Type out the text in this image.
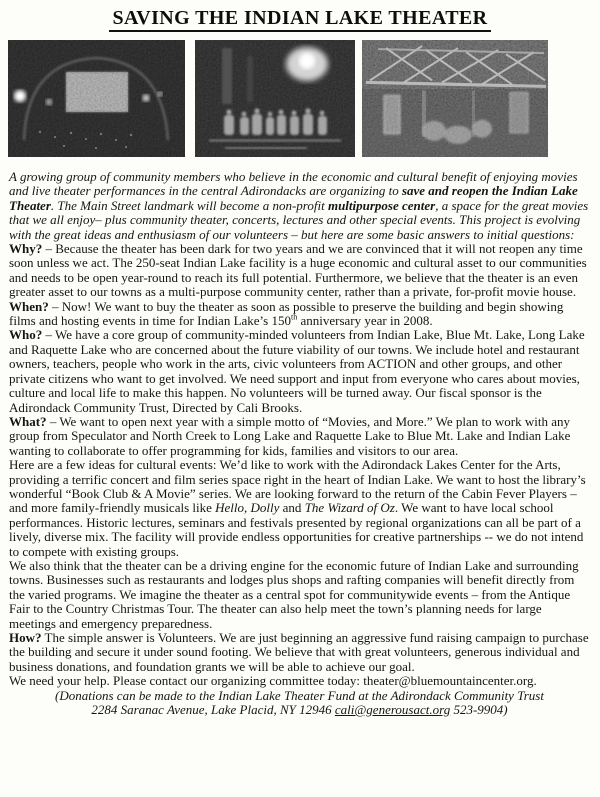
SAVING THE INDIAN LAKE THEATER

A growing group of community members who believe in the economic and cultural benefit of enjoying movies and live theater performances in the central Adirondacks are organizing to save and reopen the Indian Lake Theater. The Main Street landmark will become a non-profit multipurpose center, a space for the great movies that we all enjoy– plus community theater, concerts, lectures and other special events. This project is evolving with the great ideas and enthusiasm of our volunteers – but here are some basic answers to initial questions:

Why? – Because the theater has been dark for two years and we are convinced that it will not reopen any time soon unless we act. The 250-seat Indian Lake facility is a huge economic and cultural asset to our communities and needs to be open year-round to reach its full potential. Furthermore, we believe that the theater is an even greater asset to our towns as a multi-purpose community center, rather than a private, for-profit movie house.

When? – Now! We want to buy the theater as soon as possible to preserve the building and begin showing films and hosting events in time for Indian Lake’s 150th anniversary year in 2008.

Who? – We have a core group of community-minded volunteers from Indian Lake, Blue Mt. Lake, Long Lake and Raquette Lake who are concerned about the future viability of our towns. We include hotel and restaurant owners, teachers, people who work in the arts, civic volunteers from ACTION and other groups, and other private citizens who want to get involved. We need support and input from everyone who cares about movies, culture and local life to make this happen. No volunteers will be turned away. Our fiscal sponsor is the Adirondack Community Trust, Directed by Cali Brooks.

What? – We want to open next year with a simple motto of “Movies, and More.” We plan to work with any group from Speculator and North Creek to Long Lake and Raquette Lake to Blue Mt. Lake and Indian Lake wanting to collaborate to offer programming for kids, families and visitors to our area.

Here are a few ideas for cultural events: We’d like to work with the Adirondack Lakes Center for the Arts, providing a terrific concert and film series space right in the heart of Indian Lake. We want to host the library’s wonderful “Book Club & A Movie” series. We are looking forward to the return of the Cabin Fever Players – and more family-friendly musicals like Hello, Dolly and The Wizard of Oz. We want to have local school performances. Historic lectures, seminars and festivals presented by regional organizations can all be part of a lively, diverse mix. The facility will provide endless opportunities for creative partnerships -- we do not intend to compete with existing groups.

We also think that the theater can be a driving engine for the economic future of Indian Lake and surrounding towns. Businesses such as restaurants and lodges plus shops and rafting companies will benefit directly from the varied programs. We imagine the theater as a central spot for communitywide events – from the Antique Fair to the Country Christmas Tour. The theater can also help meet the town’s planning needs for large meetings and emergency preparedness.

How? The simple answer is Volunteers. We are just beginning an aggressive fund raising campaign to purchase the building and secure it under sound footing. We believe that with great volunteers, generous individual and business donations, and foundation grants we will be able to achieve our goal.

We need your help. Please contact our organizing committee today: theater@bluemountaincenter.org.

(Donations can be made to the Indian Lake Theater Fund at the Adirondack Community Trust

2284 Saranac Avenue, Lake Placid, NY 12946 cali@generousact.org 523-9904)
